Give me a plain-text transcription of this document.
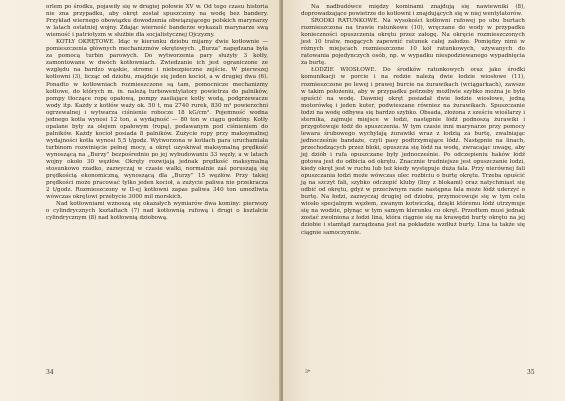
orlem po środku, pojawiły się w drugiej połowie XV w. Od tego czasu historia nie zna przypadku, aby okręt został spuszczony na wodę bez bandery. Przykład wiernego obowiązku dowodzenia obwiązującego polskich marynarzy w latach ostatniej wojny. Zdając wierność banderze wykazali marynarze swą wiemość i patriotyzm w służbie dla socjalistycznej Ojczyzny.

KOTŁY OKRĘTOWE. Idąc w kierunku dziobu mijamy dwie kotłownie — pomieszczenia głównych mechanizmów okrętowych. „Burza” napędzana była za pomocą turbin parowych. Do wytworzenia pary służyły 3 kotły, zamontowane w dwóch kotłowniach. Zwiedzanie ich jest ograniczone ze względu na bardzo wąskie, strome i niebezpieczne zejście. W pierwszej kotłowni (3), licząc od dziobu, znajduje się jeden kocioł, a w drugiej dwa (6). Ponadto w kotłowniach rozmieszczone są tam, pomocnicze mechanizmy kotłowe, do których m. in. należą turbowentylatory powietrza do palników, pompy tłoczące ropę opałową, pompy zasilające kotły wodą, podgrzewacze wody itp. Każdy z kotłów waży ok. 50 t, ma 2740 rurek, 830 m² powierzchni ogrzewalnej i wytwarza ciśnienie robocze 18 kG/cm². Pojemność wodna jednego kotła wynosi 12 ton, a wydajność — 80 ton w ciągu godziny. Kotły opalane były za olejem opałowym (ropą), podawanym pod ciśnieniem do palników. Każdy kocioł posiada 8 palników. Zużycie ropy przy maksymalnej wydajności kotła wynosi 5,5 t/godz. Wytworzona w kotłach para uruchamiała turbinom rozwinięcie pełnej mocy, a okręt uzyskiwał maksymalną prędkość wynoszącą na „Burzy” bezpośrednio po jej wybudowaniu 33 węzły, a w latach wojny około 30 węzłów. Okręty rozwijają jednak prędkość maksymalną stosunkowo rzadko, zazwyczaj w czasie walki, normalnie zaś poruszają się prędkością ekonomiczną, wynoszącą dla „Burzy” 15 węzłów. Przy takiej prędkości może pracować tylko jeden kocioł, a zużycie paliwa nie przekracza 2 t/godz. Rozmieszczony w II-ej kotłowni zapas paliwa 340 ton umożliwia wówczas okrętowi przebycie 3000 mil morskich.

Nad kotłowniami wznoszą się okazałych wymiarów dwa kominy: pierwszy o cylindrycznych kształtach (7) nad kotłownią rufową i drugi o kształcie cylindrycznym (8) nad kotłownią dziobową.

34

Na nadbudówce między kominami znajdują się nawiewniki (8), doprowadzające powietrze do kotłowni i znajdujących się w niej wentylatorów.

ŚRODKI RATUNKOWE. Na wysokości kotłowni rufowej po obu burtach rozmieszczona na trawie ratunkowe (10), wręczane do wody w przypadku konieczności opuszczenia okrętu przez załogę. Na okręcie rozmieszczonych jest 10 tratw, mogących zapewnić ratunek całej załodze. Pomiędzy nimi w różnych miejscach rozmieszczone 10 kół ratunkowych, używanych do ratowania pojedynczych osób, np. w wypadku niespodziewanego wypadnięcia za burtę.

ŁODZIE WIOSŁOWE. Do środków ratunkowych oraz jako środki komunikacji w porcie i na redzie należą dwie łodzie wiosłowe (11), rozmieszczone po lewej i prawej burcie na żurawikach (wciągarkach), zawsze w takim położeniu, aby w przypadku potrzeby możliwie szybko można je było spuścić na wodę. Dawniej okręt posiadał dwie łodzie wiosłowe, jedną motorówkę i jeden kuter, podwieszane równiez na żurawikach. Spuszczanie łodzi na wodę odbywa się bardzo szybko. Obsada, złożona z sześciu wioślarzy i sternika, zajmuje miejsce w łodzi, następnie łódź podnoszą żurawiki i przygotowuje łódź do spuszczenia. W tym czasie inni marynarze przy pomocy lewara śrubowego wychylają żurawiki wraz z łodzią za burtę, zwalniając jednocześnie bandaże, czyli pasy podtrzymujące łódź. Następnie na linach, przechodzących przez bloki, opuszcza się łódź na wodę, zwracając uwagę, aby jej dziób i rufa opuszczane były jednocześnie. Po odczepieniu haków łódź gotowa jest do odbicia od okrętu. Znacznie trudniejsze jest opuszczanie łodzi, kiedy okręt jest w ruchu lub też kiedy występuje duża fala. Przy nierównej fali opuszczania łodzi może wówczas ulec rozbiciu o burtę okrętu. Trzeba opuścić ją na szczyt fali, szybko odczepić kluby (liny z blokami) oraz natychmiast się odbić od okrętu, gdyż w przeciwnym razie następna fala może łódź uderzyć o burtę. Na łodzi, zazwyczaj drugiej od dziobu, przymocowuje się w tym celu wiosło specjalnym węzłem, zwanym kotwiczką, dzięki któremu łódź utrzymuje się na wodzie, płynąc w tym samym kierunku co okręt. Przedtem musi jednak zostać zwolniona z łodzi lina, która ciągnie się na krawędzi burty okrętu na jej dziobie i stamtąd zarządzana jest na pokładzie wzdłuż burty. Lina ta także się ciągnie samoczynnie.

3*	35
